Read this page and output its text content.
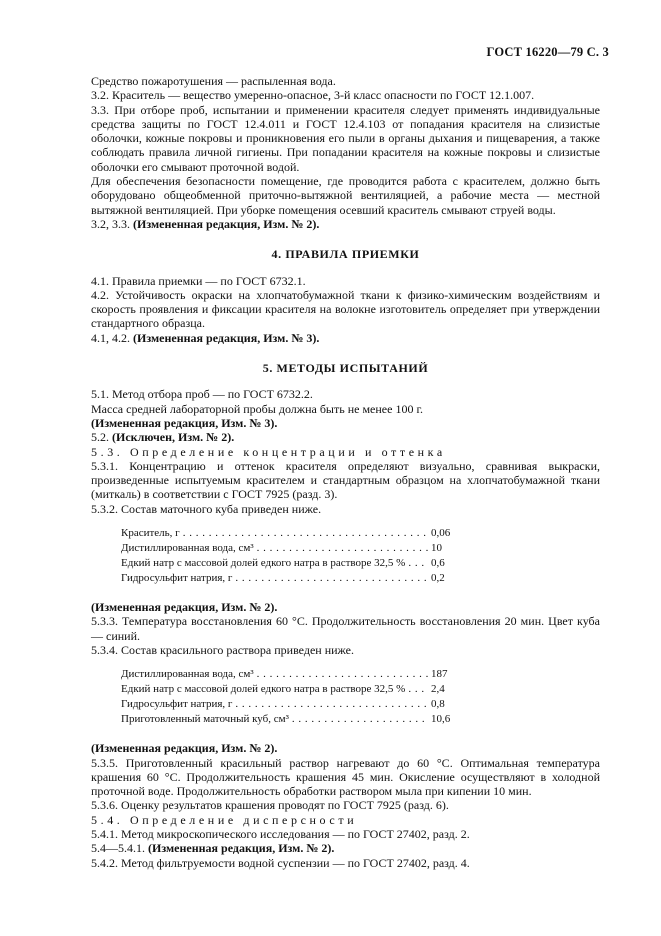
ГОСТ 16220—79 С. 3

Средство пожаротушения — распыленная вода.

3.2. Краситель — вещество умеренно-опасное, 3-й класс опасности по ГОСТ 12.1.007.

3.3. При отборе проб, испытании и применении красителя следует применять индивидуальные средства защиты по ГОСТ 12.4.011 и ГОСТ 12.4.103 от попадания красителя на слизистые оболочки, кожные покровы и проникновения его пыли в органы дыхания и пищеварения, а также соблюдать правила личной гигиены. При попадании красителя на кожные покровы и слизистые оболочки его смывают проточной водой.

Для обеспечения безопасности помещение, где проводится работа с красителем, должно быть оборудовано общеобменной приточно-вытяжной вентиляцией, а рабочие места — местной вытяжной вентиляцией. При уборке помещения осевший краситель смывают струей воды.

3.2, 3.3. (Измененная редакция, Изм. № 2).

4. ПРАВИЛА ПРИЕМКИ

4.1. Правила приемки — по ГОСТ 6732.1.

4.2. Устойчивость окраски на хлопчатобумажной ткани к физико-химическим воздействиям и скорость проявления и фиксации красителя на волокне изготовитель определяет при утверждении стандартного образца.

4.1, 4.2. (Измененная редакция, Изм. № 3).

5. МЕТОДЫ ИСПЫТАНИЙ

5.1. Метод отбора проб — по ГОСТ 6732.2.

Масса средней лабораторной пробы должна быть не менее 100 г.

(Измененная редакция, Изм. № 3).

5.2. (Исключен, Изм. № 2).

5.3. Определение концентрации и оттенка

5.3.1. Концентрацию и оттенок красителя определяют визуально, сравнивая выкраски, произведенные испытуемым красителем и стандартным образцом на хлопчатобумажной ткани (миткаль) в соответствии с ГОСТ 7925 (разд. 3).

5.3.2. Состав маточного куба приведен ниже.

Краситель, г . . .	0,06
Дистиллированная вода, см³ . . .	10
Едкий натр с массовой долей едкого натра в растворе 32,5 % . . . 0,6
Гидросульфит натрия, г . . .	0,2

(Измененная редакция, Изм. № 2).

5.3.3. Температура восстановления 60 °С. Продолжительность восстановления 20 мин. Цвет куба — синий.

5.3.4. Состав красильного раствора приведен ниже.

Дистиллированная вода, см³ . . .	187
Едкий натр с массовой долей едкого натра в растворе 32,5 % . . . 2,4
Гидросульфит натрия, г . . .	0,8
Приготовленный маточный куб, см³ . . .	10,6

(Измененная редакция, Изм. № 2).

5.3.5. Приготовленный красильный раствор нагревают до 60 °С. Оптимальная температура крашения 60 °С. Продолжительность крашения 45 мин. Окисление осуществляют в холодной проточной воде. Продолжительность обработки раствором мыла при кипении 10 мин.

5.3.6. Оценку результатов крашения проводят по ГОСТ 7925 (разд. 6).

5.4. Определение дисперсности

5.4.1. Метод микроскопического исследования — по ГОСТ 27402, разд. 2.

5.4—5.4.1. (Измененная редакция, Изм. № 2).

5.4.2. Метод фильтруемости водной суспензии — по ГОСТ 27402, разд. 4.
